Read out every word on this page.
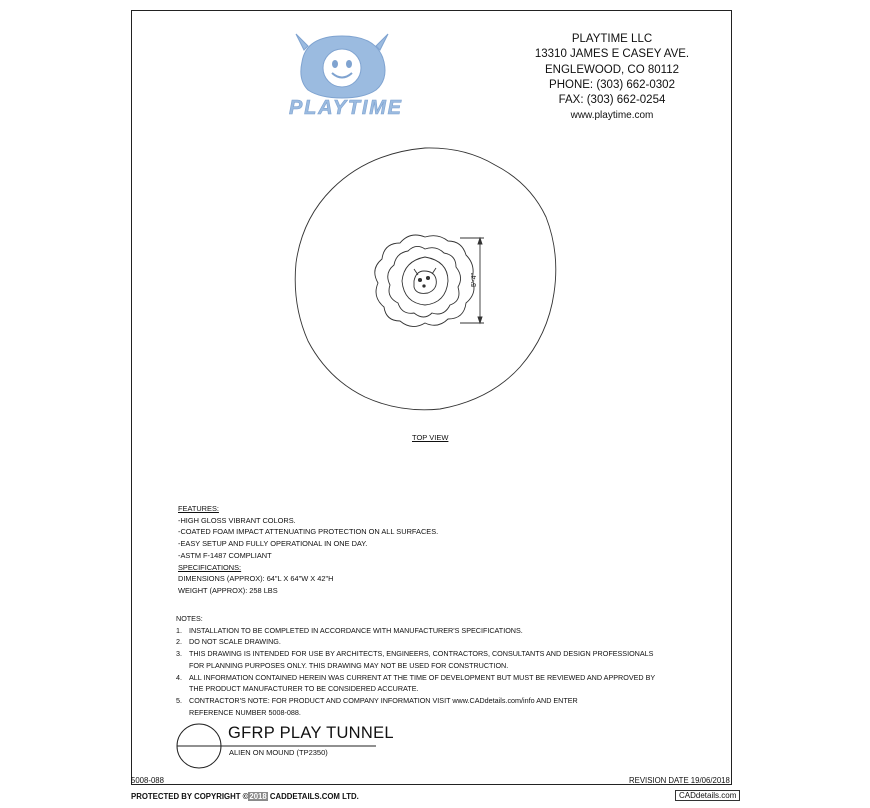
PLAYTIME
PLAYTIME LLC
13310 JAMES E CASEY AVE.
ENGLEWOOD, CO 80112
PHONE: (303) 662-0302
FAX: (303) 662-0254
www.playtime.com
5'-4"
TOP VIEW
FEATURES:
-HIGH GLOSS VIBRANT COLORS.
-COATED FOAM IMPACT ATTENUATING PROTECTION ON ALL SURFACES.
-EASY SETUP AND FULLY OPERATIONAL IN ONE DAY.
-ASTM F-1487 COMPLIANT
SPECIFICATIONS:
DIMENSIONS (APPROX): 64"L X 64"W X 42"H
WEIGHT (APPROX): 258 LBS
NOTES:
1. INSTALLATION TO BE COMPLETED IN ACCORDANCE WITH MANUFACTURER'S SPECIFICATIONS.
2. DO NOT SCALE DRAWING.
3. THIS DRAWING IS INTENDED FOR USE BY ARCHITECTS, ENGINEERS, CONTRACTORS, CONSULTANTS AND DESIGN PROFESSIONALS
FOR PLANNING PURPOSES ONLY. THIS DRAWING MAY NOT BE USED FOR CONSTRUCTION.
4. ALL INFORMATION CONTAINED HEREIN WAS CURRENT AT THE TIME OF DEVELOPMENT BUT MUST BE REVIEWED AND APPROVED BY
THE PRODUCT MANUFACTURER TO BE CONSIDERED ACCURATE.
5. CONTRACTOR'S NOTE: FOR PRODUCT AND COMPANY INFORMATION VISIT www.CADdetails.com/info AND ENTER
REFERENCE NUMBER 5008-088.
GFRP PLAY TUNNEL
ALIEN ON MOUND (TP2350)
5008-088	REVISION DATE 19/06/2018
PROTECTED BY COPYRIGHT ©2018 CADDETAILS.COM LTD.	CADdetails.com
